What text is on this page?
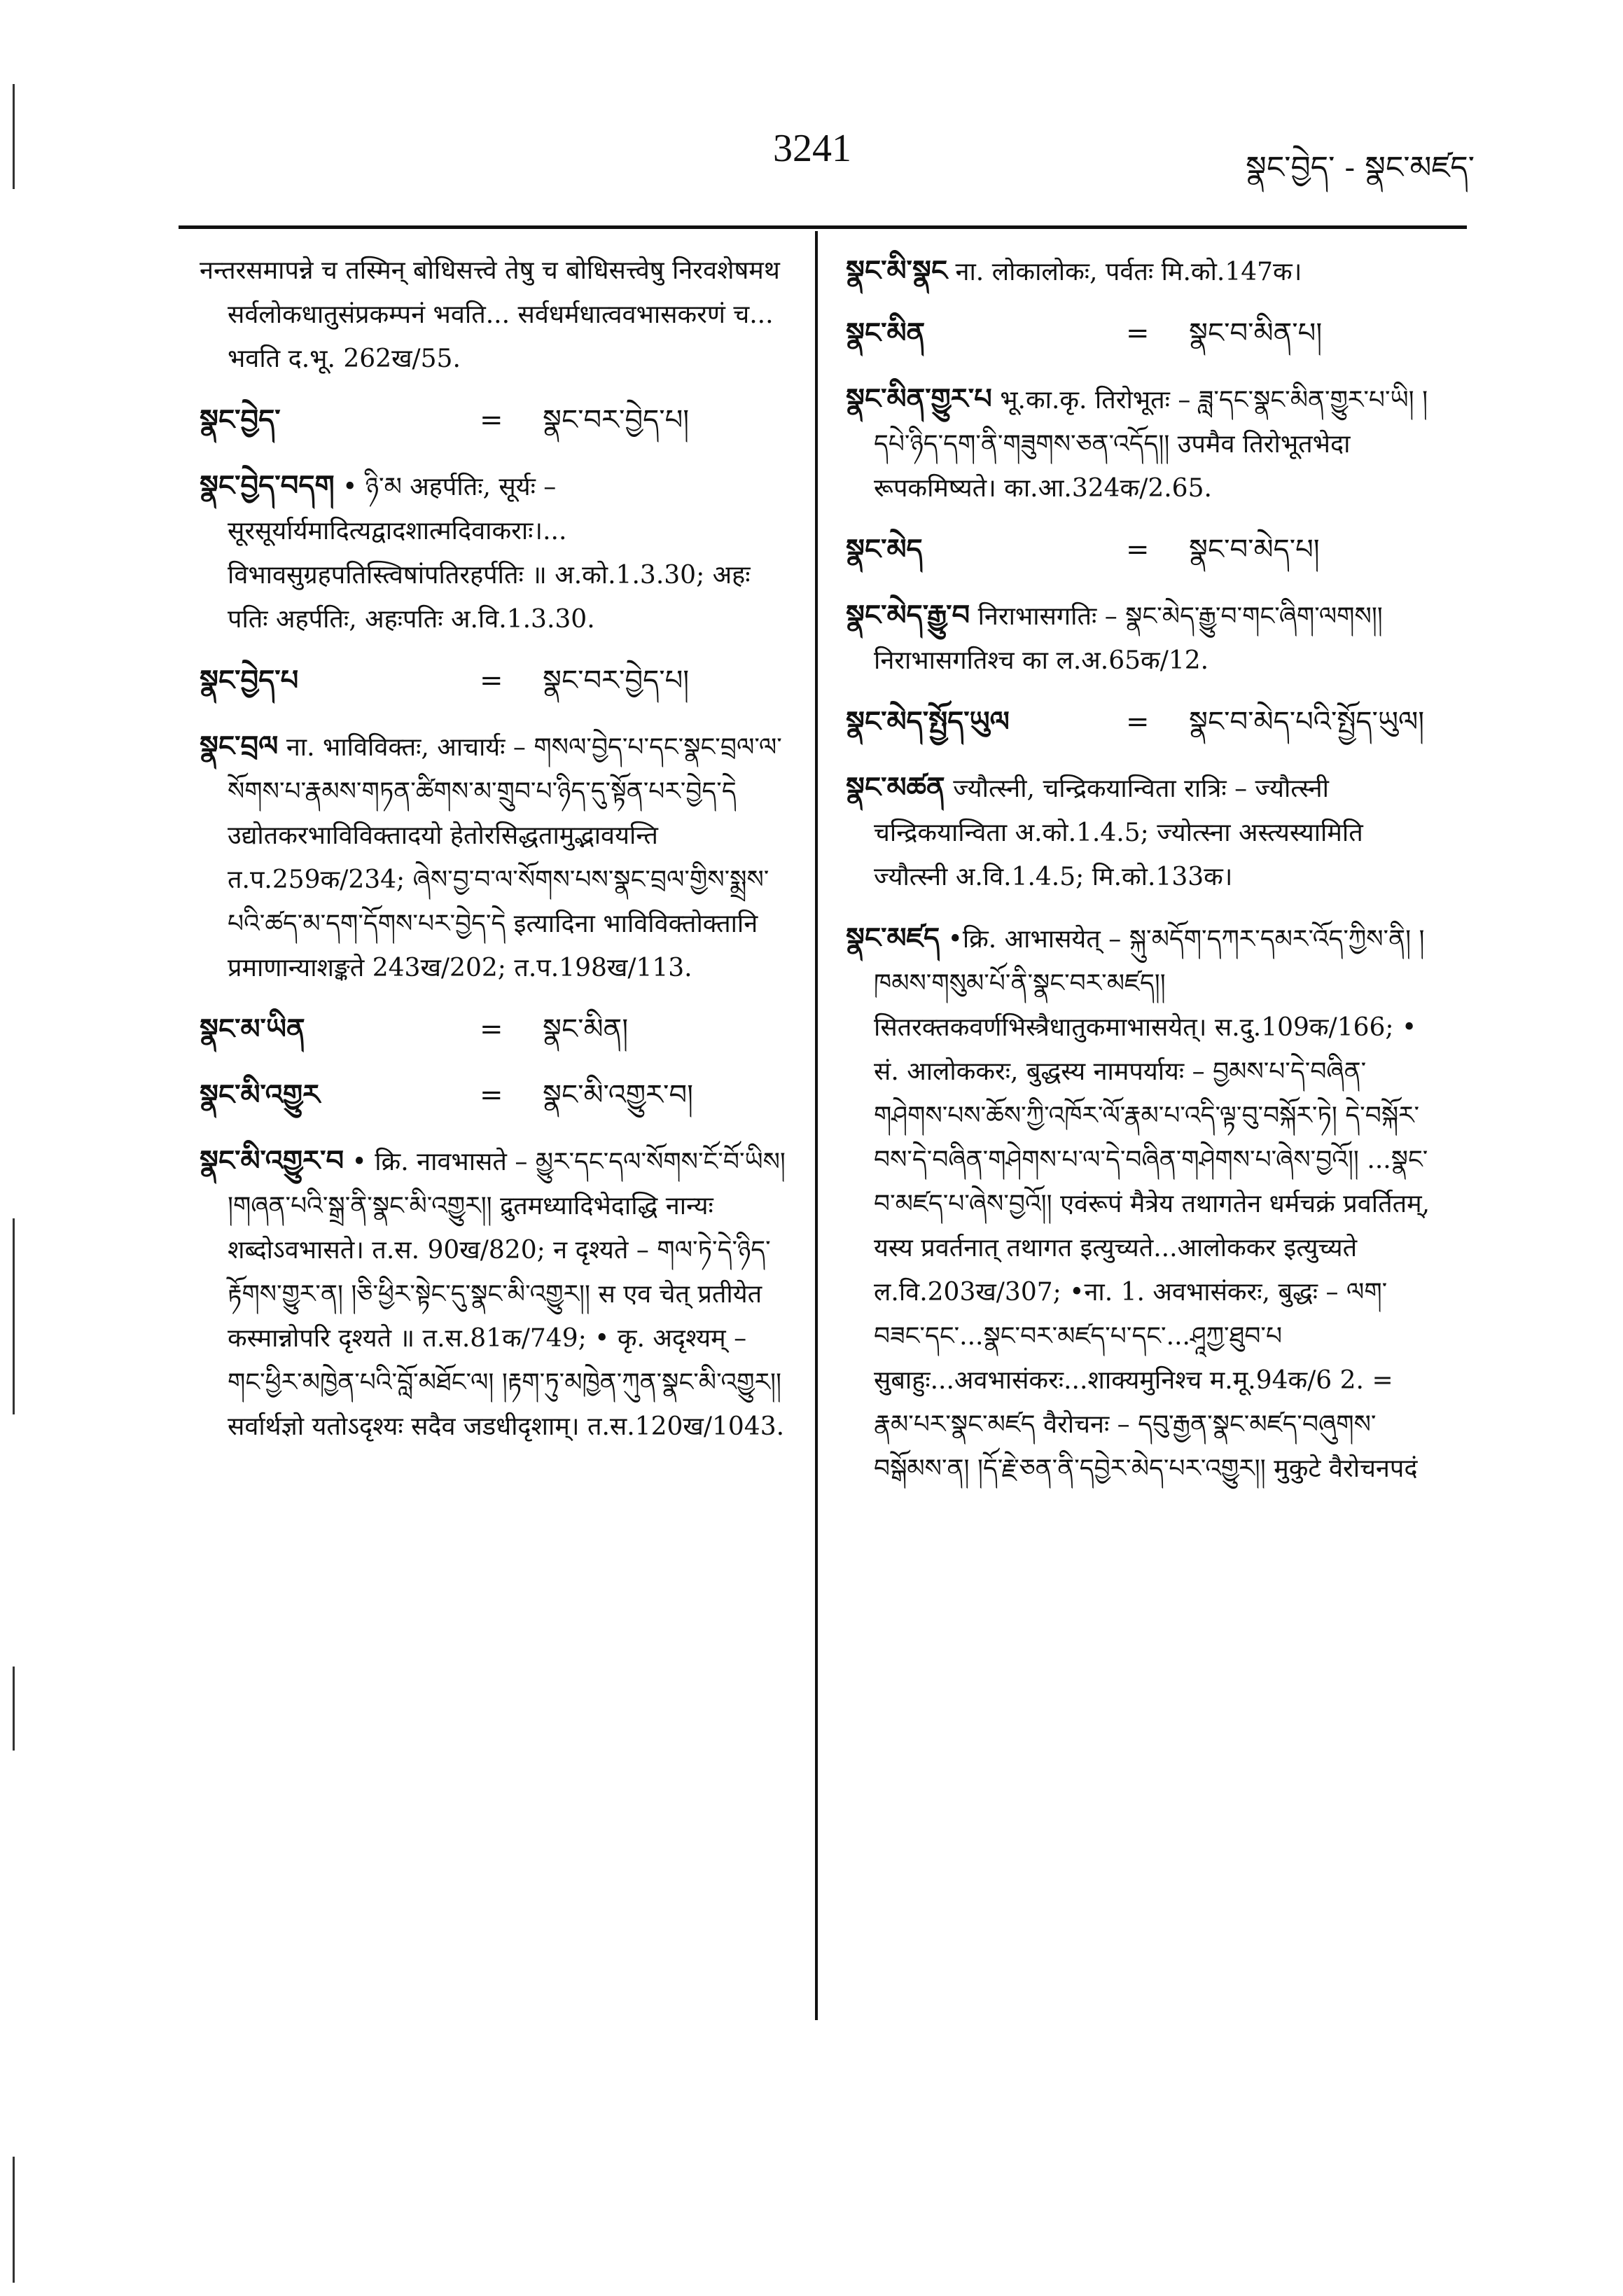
3241	སྣང་བྱེད་ - སྣང་མཛད་

नन्तरसमापन्ने च तस्मिन् बोधिसत्त्वे तेषु च बोधिसत्त्वेषु निरवशेषमथ सर्वलोकधातुसंप्रकम्पनं भवति... सर्वधर्मधात्ववभासकरणं च... भवति द.भू. 262ख/55.

སྣང་བྱེད་	=	སྣང་བར་བྱེད་པ།

སྣང་བྱེད་བདག • ཉི་མ अहर्पतिः, सूर्यः – सूरसूर्यार्यमादित्यद्वादशात्मदिवाकराः।... विभावसुग्रहपतिस्त्विषांपतिरहर्पतिः ॥ अ.को.1.3.30; अहः पतिः अहर्पतिः, अहःपतिः अ.वि.1.3.30.

སྣང་བྱེད་པ	=	སྣང་བར་བྱེད་པ།

སྣང་བྲལ ना. भाविविक्तः, आचार्यः – གསལ་བྱེད་པ་དང་སྣང་བྲལ་ལ་སོགས་པ་རྣམས་གཏན་ཚིགས་མ་གྲུབ་པ་ཉིད་དུ་སྟོན་པར་བྱེད་དེ उद्योतकरभाविविक्तादयो हेतोरसिद्धतामुद्भावयन्ति त.प.259क/234; ཞེས་བྱ་བ་ལ་སོགས་པས་སྣང་བྲལ་གྱིས་སྨྲས་པའི་ཚད་མ་དག་དོགས་པར་བྱེད་དེ इत्यादिना भाविविक्तोक्तानि प्रमाणान्याशङ्कते 243ख/202; त.प.198ख/113.

སྣང་མ་ཡིན	=	སྣང་མིན།
སྣང་མི་འགྱུར	=	སྣང་མི་འགྱུར་བ།

སྣང་མི་འགྱུར་བ • क्रि. नावभासते – མྱུར་དང་དལ་སོགས་ངོ་བོ་ཡིས། །གཞན་པའི་སྒྲ་ནི་སྣང་མི་འགྱུར།། द्रुतमध्यादिभेदाद्धि नान्यः शब्दोऽवभासते। त.स. 90ख/820; न दृश्यते – གལ་ཏེ་དེ་ཉིད་རྟོགས་གྱུར་ན། །ཅི་ཕྱིར་སྟེང་དུ་སྣང་མི་འགྱུར།། स एव चेत् प्रतीयेत कस्मान्नोपरि दृश्यते ॥ त.स.81क/749; • कृ. अदृश्यम् – གང་ཕྱིར་མཁྱེན་པའི་བློ་མཐོང་ལ། །རྟག་ཏུ་མཁྱེན་ཀུན་སྣང་མི་འགྱུར།། सर्वार्थज्ञो यतोऽदृश्यः सदैव जडधीदृशाम्। त.स.120ख/1043.

སྣང་མི་སྣང ना. लोकालोकः, पर्वतः मि.को.147क।

སྣང་མིན	=	སྣང་བ་མིན་པ།

སྣང་མིན་གྱུར་པ भू.का.कृ. तिरोभूतः – ཟླ་དང་སྣང་མིན་གྱུར་པ་ཡི། །དཔེ་ཉིད་དག་ནི་གཟུགས་ཅན་འདོད།། उपमैव तिरोभूतभेदा रूपकमिष्यते। का.आ.324क/2.65.

སྣང་མེད	=	སྣང་བ་མེད་པ།

སྣང་མེད་རྒྱུ་བ निराभासगतिः – སྣང་མེད་རྒྱུ་བ་གང་ཞིག་ལགས།། निराभासगतिश्च का ल.अ.65क/12.

སྣང་མེད་སྤྱོད་ཡུལ	=	སྣང་བ་མེད་པའི་སྤྱོད་ཡུལ།

སྣང་མཚན ज्यौत्स्नी, चन्द्रिकयान्विता रात्रिः – ज्यौत्स्नी चन्द्रिकयान्विता अ.को.1.4.5; ज्योत्स्ना अस्त्यस्यामिति ज्यौत्स्नी अ.वि.1.4.5; मि.को.133क।

སྣང་མཛད •क्रि. आभासयेत् – སྐུ་མདོག་དཀར་དམར་འོད་ཀྱིས་ནི། །ཁམས་གསུམ་པོ་ནི་སྣང་བར་མཛད།། सितरक्तकवर्णभिस्त्रैधातुकमाभासयेत्। स.दु.109क/166; • सं. आलोककरः, बुद्धस्य नामपर्यायः – བྱམས་པ་དེ་བཞིན་གཤེགས་པས་ཆོས་ཀྱི་འཁོར་ལོ་རྣམ་པ་འདི་ལྟ་བུ་བསྐོར་ཏེ། དེ་བསྐོར་བས་དེ་བཞིན་གཤེགས་པ་ལ་དེ་བཞིན་གཤེགས་པ་ཞེས་བྱའོ།། ...སྣང་བ་མཛད་པ་ཞེས་བྱའོ།། एवंरूपं मैत्रेय तथागतेन धर्मचक्रं प्रवर्तितम्, यस्य प्रवर्तनात् तथागत इत्युच्यते...आलोककर इत्युच्यते ल.वि.203ख/307; •ना. 1. अवभासंकरः, बुद्धः – ལག་བཟང་དང་...སྣང་བར་མཛད་པ་དང་...ཤཱཀྱ་ཐུབ་པ सुबाहुः...अवभासंकरः...शाक्यमुनिश्च म.मू.94क/6 2. = རྣམ་པར་སྣང་མཛད वैरोचनः – དབུ་རྒྱན་སྣང་མཛད་བཞུགས་བསྒོམས་ན། །དོ་རྗེ་ཅན་ནི་དབྱེར་མེད་པར་འགྱུར།། मुकुटे वैरोचनपदं
